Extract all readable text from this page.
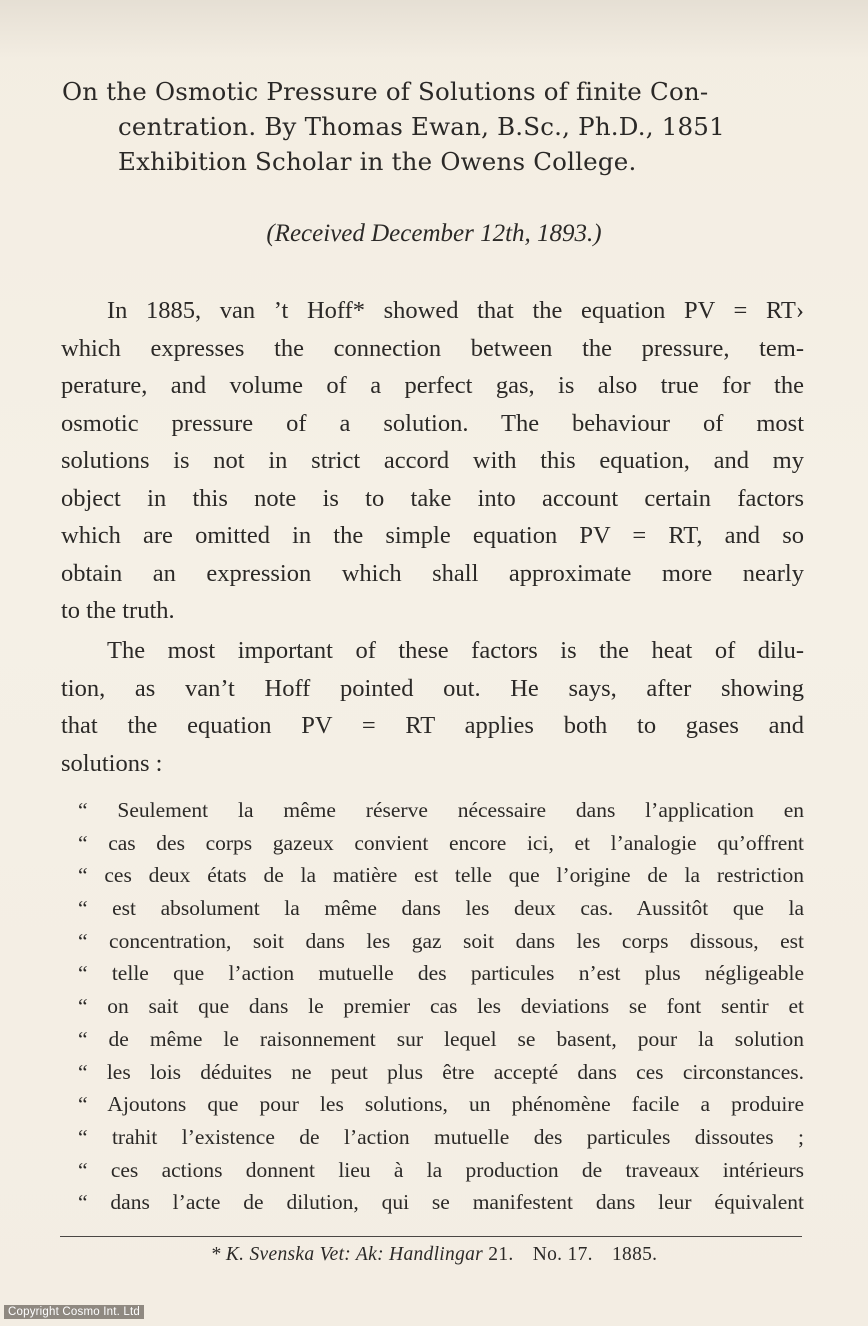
On the Osmotic Pressure of Solutions of finite Con-
centration. By Thomas Ewan, B.Sc., Ph.D., 1851
Exhibition Scholar in the Owens College.
(Received December 12th, 1893.)
In 1885, van ’t Hoff* showed that the equation PV = RT›
which expresses the connection between the pressure, tem-
perature, and volume of a perfect gas, is also true for the
osmotic pressure of a solution. The behaviour of most
solutions is not in strict accord with this equation, and my
object in this note is to take into account certain factors
which are omitted in the simple equation PV = RT, and so
obtain an expression which shall approximate more nearly
to the truth.
The most important of these factors is the heat of dilu-
tion, as van’t Hoff pointed out. He says, after showing
that the equation PV = RT applies both to gases and
solutions :
“ Seulement la même réserve nécessaire dans l’application en
“ cas des corps gazeux convient encore ici, et l’analogie qu’offrent
“ ces deux états de la matière est telle que l’origine de la restriction
“ est absolument la même dans les deux cas. Aussitôt que la
“ concentration, soit dans les gaz soit dans les corps dissous, est
“ telle que l’action mutuelle des particules n’est plus négligeable
“ on sait que dans le premier cas les deviations se font sentir et
“ de même le raisonnement sur lequel se basent, pour la solution
“ les lois déduites ne peut plus être accepté dans ces circonstances.
“ Ajoutons que pour les solutions, un phénomène facile a produire
“ trahit l’existence de l’action mutuelle des particules dissoutes ;
“ ces actions donnent lieu à la production de traveaux intérieurs
“ dans l’acte de dilution, qui se manifestent dans leur équivalent
* K. Svenska Vet: Ak: Handlingar 21. No. 17. 1885.
Copyright Cosmo Int. Ltd
